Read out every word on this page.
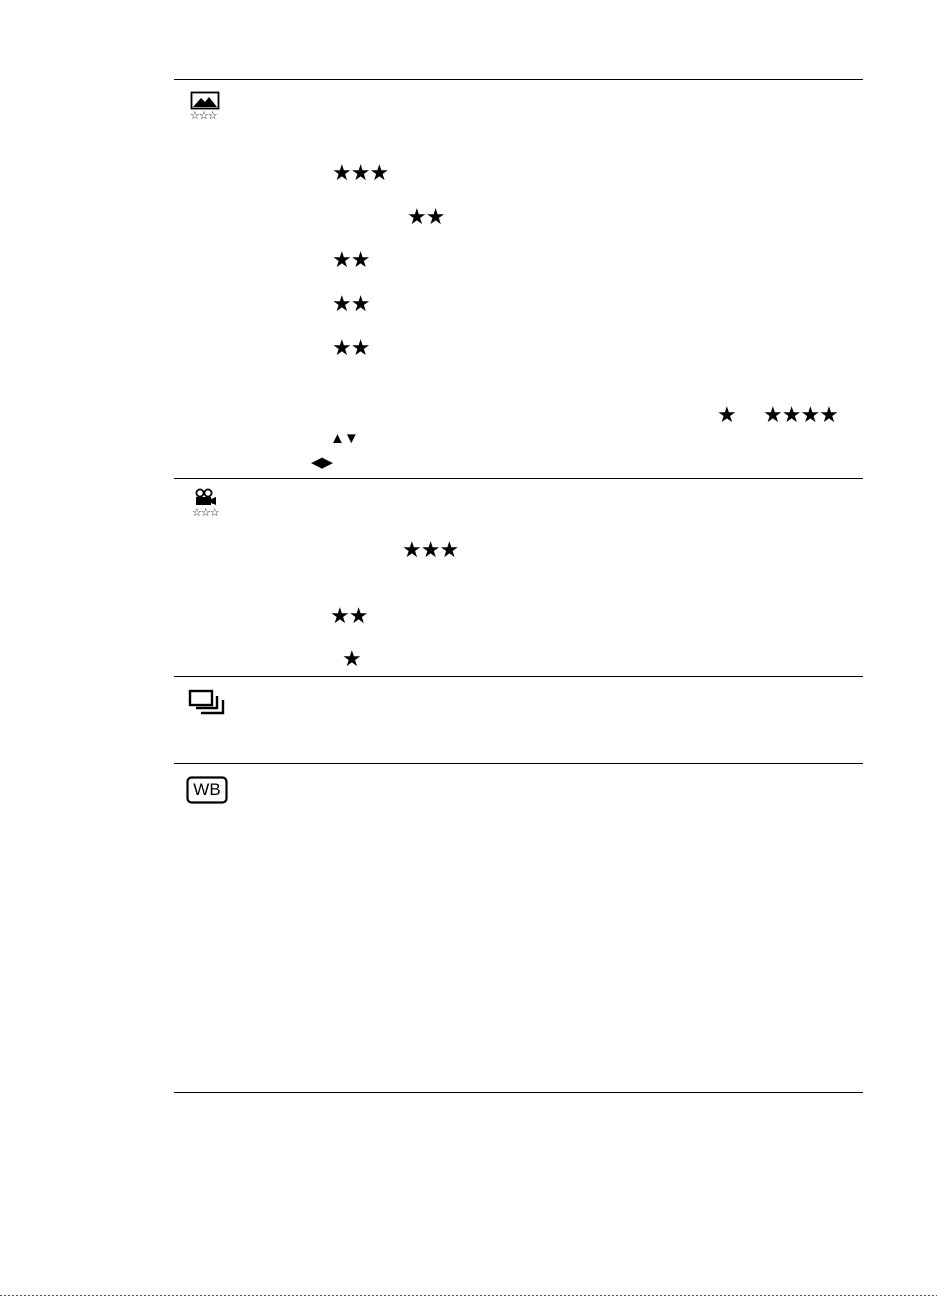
☆☆☆
★★★
★★
★★
★★
★★
★ ★★★★
▲▼
◀▶
☆☆☆
★★★
★★
★
WB
